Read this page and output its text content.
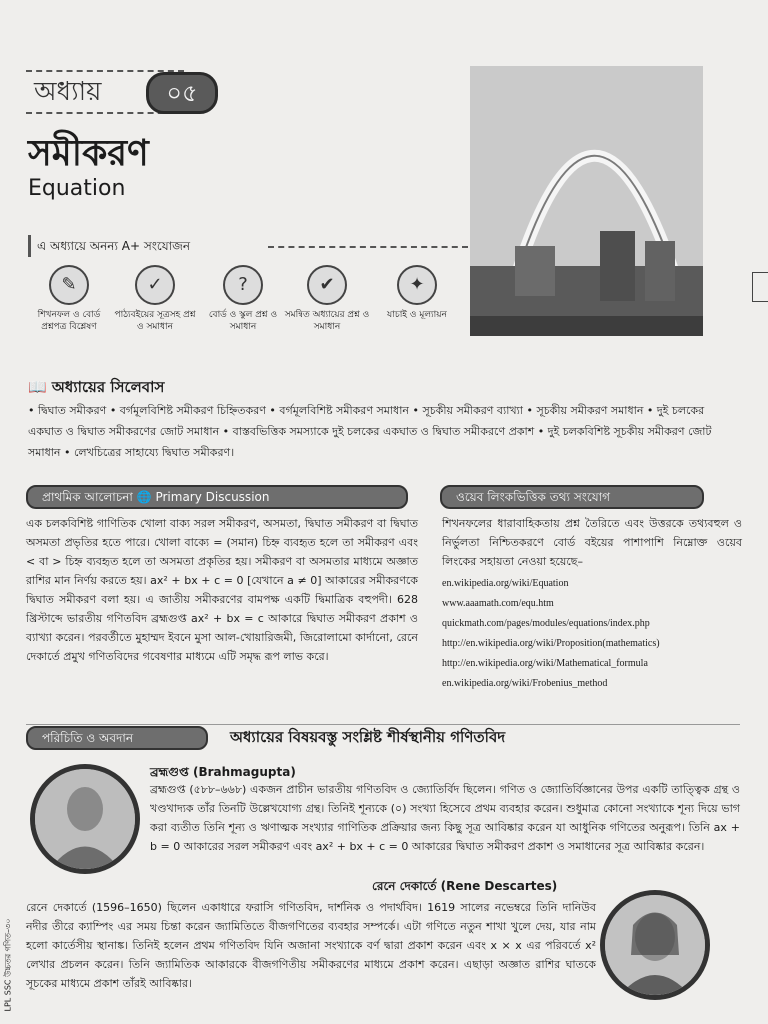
অধ্যায়	০৫
সমীকরণ
Equation
এ অধ্যায়ে অনন্য A+ সংযোজন
✎
শিখনফল ও বোর্ড প্রশ্নপত্র বিশ্লেষণ
✓
পাঠ্যবইয়ের সূত্রসহ প্রশ্ন ও সমাধান
?
বোর্ড ও স্কুল প্রশ্ন ও সমাধান
✔
সমন্বিত অধ্যায়ের প্রশ্ন ও সমাধান
✦
যাচাই ও মূল্যায়ন
📖 অধ্যায়ের সিলেবাস
• দ্বিঘাত সমীকরণ • বর্গমূলবিশিষ্ট সমীকরণ চিহ্নিতকরণ • বর্গমূলবিশিষ্ট সমীকরণ সমাধান • সূচকীয় সমীকরণ ব্যাখ্যা • সূচকীয় সমীকরণ সমাধান • দুই চলকের একঘাত ও দ্বিঘাত সমীকরণের জোট সমাধান • বাস্তবভিত্তিক সমস্যাকে দুই চলকের একঘাত ও দ্বিঘাত সমীকরণে প্রকাশ • দুই চলকবিশিষ্ট সূচকীয় সমীকরণ জোট সমাধান • লেখচিত্রের সাহায্যে দ্বিঘাত সমীকরণ।
প্রাথমিক আলোচনা 🌐 Primary Discussion
এক চলকবিশিষ্ট গাণিতিক খোলা বাক্য সরল সমীকরণ, অসমতা, দ্বিঘাত সমীকরণ বা দ্বিঘাত অসমতা প্রভৃতির হতে পারে। খোলা বাক্যে = (সমান) চিহ্ন ব্যবহৃত হলে তা সমীকরণ এবং < বা > চিহ্ন ব্যবহৃত হলে তা অসমতা প্রকৃতির হয়। সমীকরণ বা অসমতার মাধ্যমে অজ্ঞাত রাশির মান নির্ণয় করতে হয়। ax² + bx + c = 0 [যেখানে a ≠ 0] আকারের সমীকরণকে দ্বিঘাত সমীকরণ বলা হয়। এ জাতীয় সমীকরণের বামপক্ষ একটি দ্বিমাত্রিক বহুপদী। 628 খ্রিস্টাব্দে ভারতীয় গণিতবিদ ব্রহ্মগুপ্ত ax² + bx = c আকারে দ্বিঘাত সমীকরণ প্রকাশ ও ব্যাখ্যা করেন। পরবর্তীতে মুহাম্মদ ইবনে মুসা আল-খোয়ারিজমী, জিরোলামো কার্দানো, রেনে দেকার্তে প্রমুখ গণিতবিদের গবেষণার মাধ্যমে এটি সমৃদ্ধ রূপ লাভ করে।
ওয়েব লিংকভিত্তিক তথ্য সংযোগ
শিখনফলের ধারাবাহিকতায় প্রশ্ন তৈরিতে এবং উত্তরকে তথ্যবহুল ও নির্ভুলতা নিশ্চিতকরণে বোর্ড বইয়ের পাশাপাশি নিম্নোক্ত ওয়েব লিংকের সহায়তা নেওয়া হয়েছে–
en.wikipedia.org/wiki/Equation
www.aaamath.com/equ.htm
quickmath.com/pages/modules/equations/index.php
http://en.wikipedia.org/wiki/Proposition(mathematics)
http://en.wikipedia.org/wiki/Mathematical_formula
en.wikipedia.org/wiki/Frobenius_method
পরিচিতি ও অবদান	অধ্যায়ের বিষয়বস্তু সংশ্লিষ্ট শীর্ষস্থানীয় গণিতবিদ
ব্রহ্মগুপ্ত (Brahmagupta)
ব্রহ্মগুপ্ত (৫৮৮–৬৬৮) একজন প্রাচীন ভারতীয় গণিতবিদ ও জ্যোতির্বিদ ছিলেন। গণিত ও জ্যোতির্বিজ্ঞানের উপর একটি তাত্ত্বিক গ্রন্থ ও খণ্ডখাদ্যক তাঁর তিনটি উল্লেখযোগ্য গ্রন্থ। তিনিই শূন্যকে (০) সংখ্যা হিসেবে প্রথম ব্যবহার করেন। শুধুমাত্র কোনো সংখ্যাকে শূন্য দিয়ে ভাগ করা ব্যতীত তিনি শূন্য ও ঋণাত্মক সংখ্যার গাণিতিক প্রক্রিয়ার জন্য কিছু সূত্র আবিষ্কার করেন যা আধুনিক গণিতের অনুরূপ। তিনি ax + b = 0 আকারের সরল সমীকরণ এবং ax² + bx + c = 0 আকারের দ্বিঘাত সমীকরণ প্রকাশ ও সমাধানের সূত্র আবিষ্কার করেন।
রেনে দেকার্তে (Rene Descartes)
রেনে দেকার্তে (1596–1650) ছিলেন একাধারে ফরাসি গণিতবিদ, দার্শনিক ও পদার্থবিদ। 1619 সালের নভেম্বরে তিনি দানিউব নদীর তীরে ক্যাম্পিং এর সময় চিন্তা করেন জ্যামিতিতে বীজগণিতের ব্যবহার সম্পর্কে। এটা গণিতে নতুন শাখা খুলে দেয়, যার নাম হলো কার্তেসীয় স্থানাঙ্ক। তিনিই হলেন প্রথম গণিতবিদ যিনি অজানা সংখ্যাকে বর্ণ দ্বারা প্রকাশ করেন এবং x × x এর পরিবর্তে x² লেখার প্রচলন করেন। তিনি জ্যামিতিক আকারকে বীজগণিতীয় সমীকরণের মাধ্যমে প্রকাশ করেন। এছাড়া অজ্ঞাত রাশির ঘাতকে সূচকের মাধ্যমে প্রকাশ তাঁরই আবিষ্কার।
LPL SSC উচ্চতর গণিত–৩০
